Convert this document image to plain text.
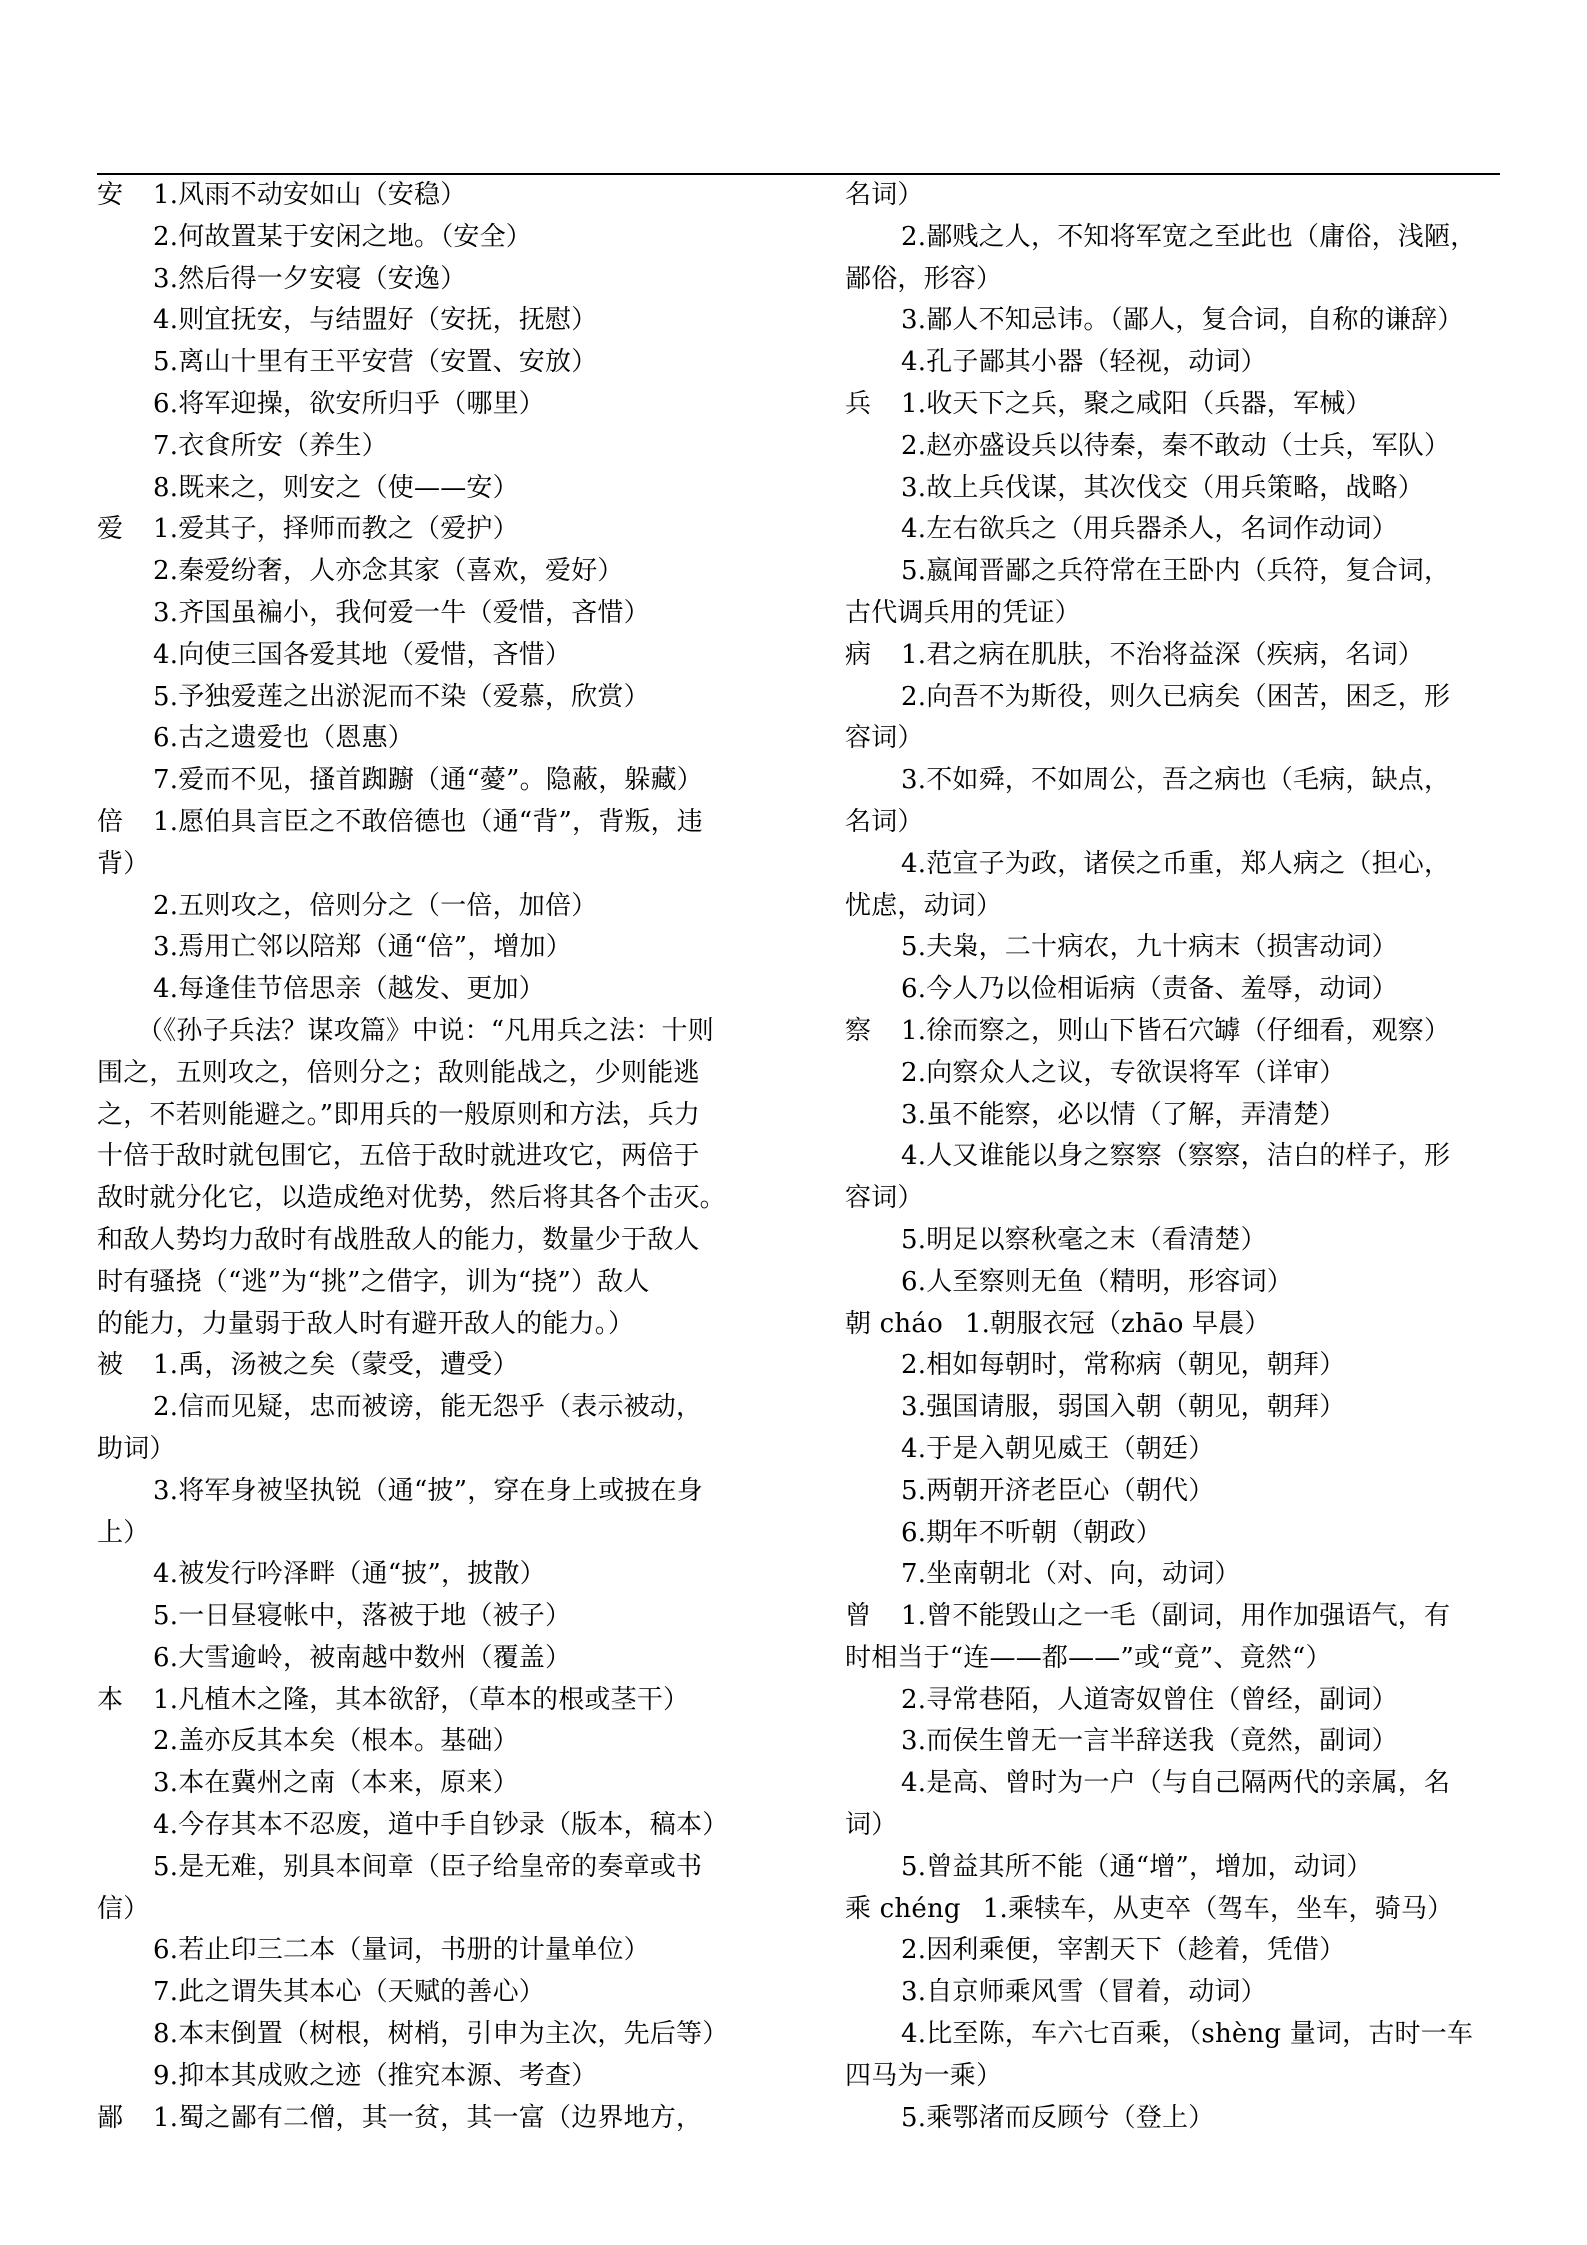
安 1.风雨不动安如山（安稳）
2.何故置某于安闲之地。（安全）
3.然后得一夕安寝（安逸）
4.则宜抚安，与结盟好（安抚，抚慰）
5.离山十里有王平安营（安置、安放）
6.将军迎操，欲安所归乎（哪里）
7.衣食所安（养生）
8.既来之，则安之（使——安）
爱 1.爱其子，择师而教之（爱护）
2.秦爱纷奢，人亦念其家（喜欢，爱好）
3.齐国虽褊小，我何爱一牛（爱惜，吝惜）
4.向使三国各爱其地（爱惜，吝惜）
5.予独爱莲之出淤泥而不染（爱慕，欣赏）
6.古之遗爱也（恩惠）
7.爱而不见，搔首踟躕（通“薆”。隐蔽，躲藏）
倍 1.愿伯具言臣之不敢倍德也（通“背”，背叛，违
背）
2.五则攻之，倍则分之（一倍，加倍）
3.焉用亡邻以陪郑（通“倍”，增加）
4.每逢佳节倍思亲（越发、更加）
（《孙子兵法？谋攻篇》中说：“凡用兵之法：十则
围之，五则攻之，倍则分之；敌则能战之，少则能逃
之，不若则能避之。”即用兵的一般原则和方法，兵力
十倍于敌时就包围它，五倍于敌时就进攻它，两倍于
敌时就分化它，以造成绝对优势，然后将其各个击灭。
和敌人势均力敌时有战胜敌人的能力，数量少于敌人
时有骚挠（“逃”为“挑”之借字，训为“挠”）敌人
的能力，力量弱于敌人时有避开敌人的能力。）
被 1.禹，汤被之矣（蒙受，遭受）
2.信而见疑，忠而被谤，能无怨乎（表示被动，
助词）
3.将军身被坚执锐（通“披”，穿在身上或披在身
上）
4.被发行吟泽畔（通“披”，披散）
5.一日昼寝帐中，落被于地（被子）
6.大雪逾岭，被南越中数州（覆盖）
本 1.凡植木之隆，其本欲舒，（草本的根或茎干）
2.盖亦反其本矣（根本。基础）
3.本在冀州之南（本来，原来）
4.今存其本不忍废，道中手自钞录（版本，稿本）
5.是无难，别具本间章（臣子给皇帝的奏章或书
信）
6.若止印三二本（量词，书册的计量单位）
7.此之谓失其本心（天赋的善心）
8.本末倒置（树根，树梢，引申为主次，先后等）
9.抑本其成败之迹（推究本源、考查）
鄙 1.蜀之鄙有二僧，其一贫，其一富（边界地方，
名词）
2.鄙贱之人，不知将军宽之至此也（庸俗，浅陋，
鄙俗，形容）
3.鄙人不知忌讳。（鄙人，复合词，自称的谦辞）
4.孔子鄙其小器（轻视，动词）
兵 1.收天下之兵，聚之咸阳（兵器，军械）
2.赵亦盛设兵以待秦，秦不敢动（士兵，军队）
3.故上兵伐谋，其次伐交（用兵策略，战略）
4.左右欲兵之（用兵器杀人，名词作动词）
5.嬴闻晋鄙之兵符常在王卧内（兵符，复合词，
古代调兵用的凭证）
病 1.君之病在肌肤，不治将益深（疾病，名词）
2.向吾不为斯役，则久已病矣（困苦，困乏，形
容词）
3.不如舜，不如周公，吾之病也（毛病，缺点，
名词）
4.范宣子为政，诸侯之币重，郑人病之（担心，
忧虑，动词）
5.夫枭，二十病农，九十病末（损害动词）
6.今人乃以俭相诟病（责备、羞辱，动词）
察 1.徐而察之，则山下皆石穴罅（仔细看，观察）
2.向察众人之议，专欲误将军（详审）
3.虽不能察，必以情（了解，弄清楚）
4.人又谁能以身之察察（察察，洁白的样子，形
容词）
5.明足以察秋毫之末（看清楚）
6.人至察则无鱼（精明，形容词）
朝 cháo 1.朝服衣冠（zhāo 早晨）
2.相如每朝时，常称病（朝见，朝拜）
3.强国请服，弱国入朝（朝见，朝拜）
4.于是入朝见威王（朝廷）
5.两朝开济老臣心（朝代）
6.期年不听朝（朝政）
7.坐南朝北（对、向，动词）
曾 1.曾不能毁山之一毛（副词，用作加强语气，有
时相当于“连——都——”或“竟”、竟然“）
2.寻常巷陌，人道寄奴曾住（曾经，副词）
3.而侯生曾无一言半辞送我（竟然，副词）
4.是高、曾时为一户（与自己隔两代的亲属，名
词）
5.曾益其所不能（通“增”，增加，动词）
乘 chéng 1.乘犊车，从吏卒（驾车，坐车，骑马）
2.因利乘便，宰割天下（趁着，凭借）
3.自京师乘风雪（冒着，动词）
4.比至陈，车六七百乘，（shèng 量词，古时一车
四马为一乘）
5.乘鄂渚而反顾兮（登上）
